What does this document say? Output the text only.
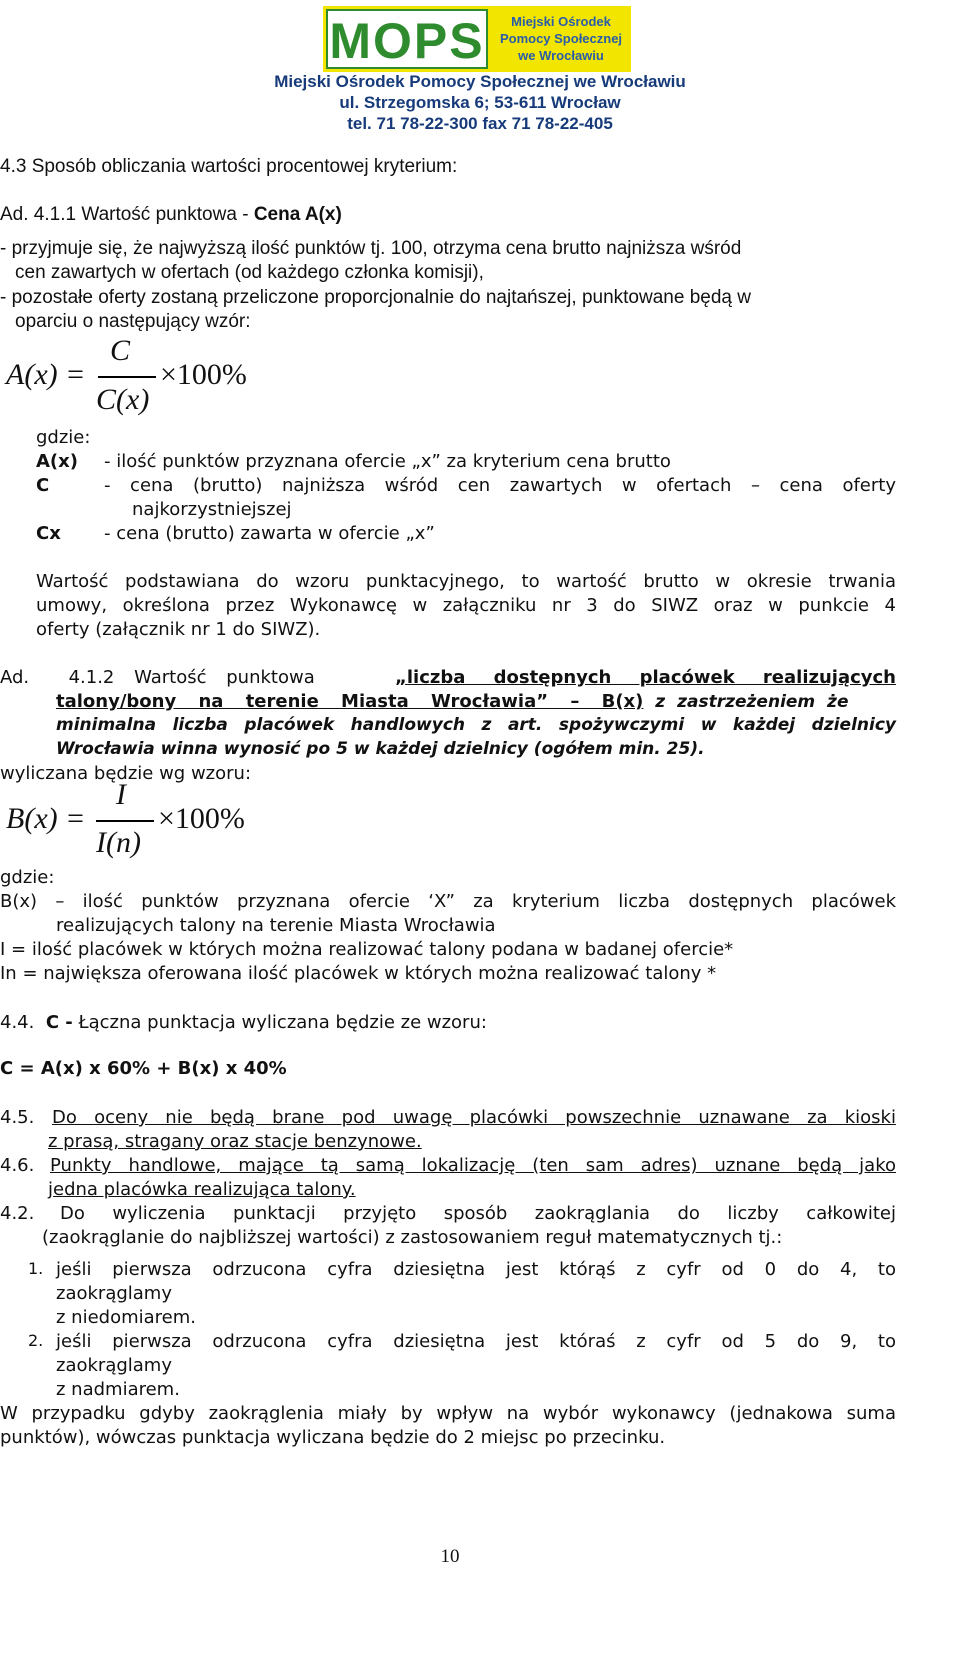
MOPS Miejski Ośrodek
Pomocy Społecznej
we Wrocławiu
Miejski Ośrodek Pomocy Społecznej we Wrocławiu
ul. Strzegomska 6; 53-611 Wrocław
tel. 71 78-22-300 fax 71 78-22-405
4.3 Sposób obliczania wartości procentowej kryterium:
Ad. 4.1.1 Wartość punktowa - Cena A(x)
- przyjmuje się, że najwyższą ilość punktów tj. 100, otrzyma cena brutto najniższa wśród
cen zawartych w ofertach (od każdego członka komisji),
- pozostałe oferty zostaną przeliczone proporcjonalnie do najtańszej, punktowane będą w
oparciu o następujący wzór:
A(x) =
C
C(x)
×100%
gdzie:
A(x) - ilość punktów przyznana ofercie „x” za kryterium cena brutto
C	- cena (brutto) najniższa wśród cen zawartych w ofertach – cena oferty
najkorzystniejszej
Cx - cena (brutto) zawarta w ofercie „x”
Wartość podstawiana do wzoru punktacyjnego, to wartość brutto w okresie trwania
umowy, określona przez Wykonawcę w załączniku nr 3 do SIWZ oraz w punkcie 4
oferty (załącznik nr 1 do SIWZ).
Ad.  4.1.2 Wartość punktowa	„liczba dostępnych placówek realizujących
talony/bony na terenie Miasta Wrocławia” – B(x) z zastrzeżeniem że
minimalna liczba placówek handlowych z art. spożywczymi w każdej dzielnicy
Wrocławia winna wynosić po 5 w każdej dzielnicy (ogółem min. 25).
wyliczana będzie wg wzoru:
B(x) =
I
I(n)
×100%
gdzie:
B(x) – ilość punktów przyznana ofercie ‘X” za kryterium liczba dostępnych placówek
realizujących talony na terenie Miasta Wrocławia
I = ilość placówek w których można realizować talony podana w badanej ofercie*
In = największa oferowana ilość placówek w których można realizować talony *
4.4. C - Łączna punktacja wyliczana będzie ze wzoru:
C = A(x) x 60% + B(x) x 40%
4.5. Do oceny nie będą brane pod uwagę placówki powszechnie uznawane za kioski
z prasą, stragany oraz stacje benzynowe.
4.6. Punkty handlowe, mające tą samą lokalizację (ten sam adres) uznane będą jako
jedna placówka realizująca talony.
4.2. Do wyliczenia punktacji przyjęto sposób zaokrąglania do liczby całkowitej
(zaokrąglanie do najbliższej wartości) z zastosowaniem reguł matematycznych tj.:
1. jeśli pierwsza odrzucona cyfra dziesiętna jest którąś z cyfr od 0 do 4, to
zaokrąglamy
z niedomiarem.
2. jeśli pierwsza odrzucona cyfra dziesiętna jest któraś z cyfr od 5 do 9, to
zaokrąglamy
z nadmiarem.
W przypadku gdyby zaokrąglenia miały by wpływ na wybór wykonawcy (jednakowa suma
punktów), wówczas punktacja wyliczana będzie do 2 miejsc po przecinku.
10
